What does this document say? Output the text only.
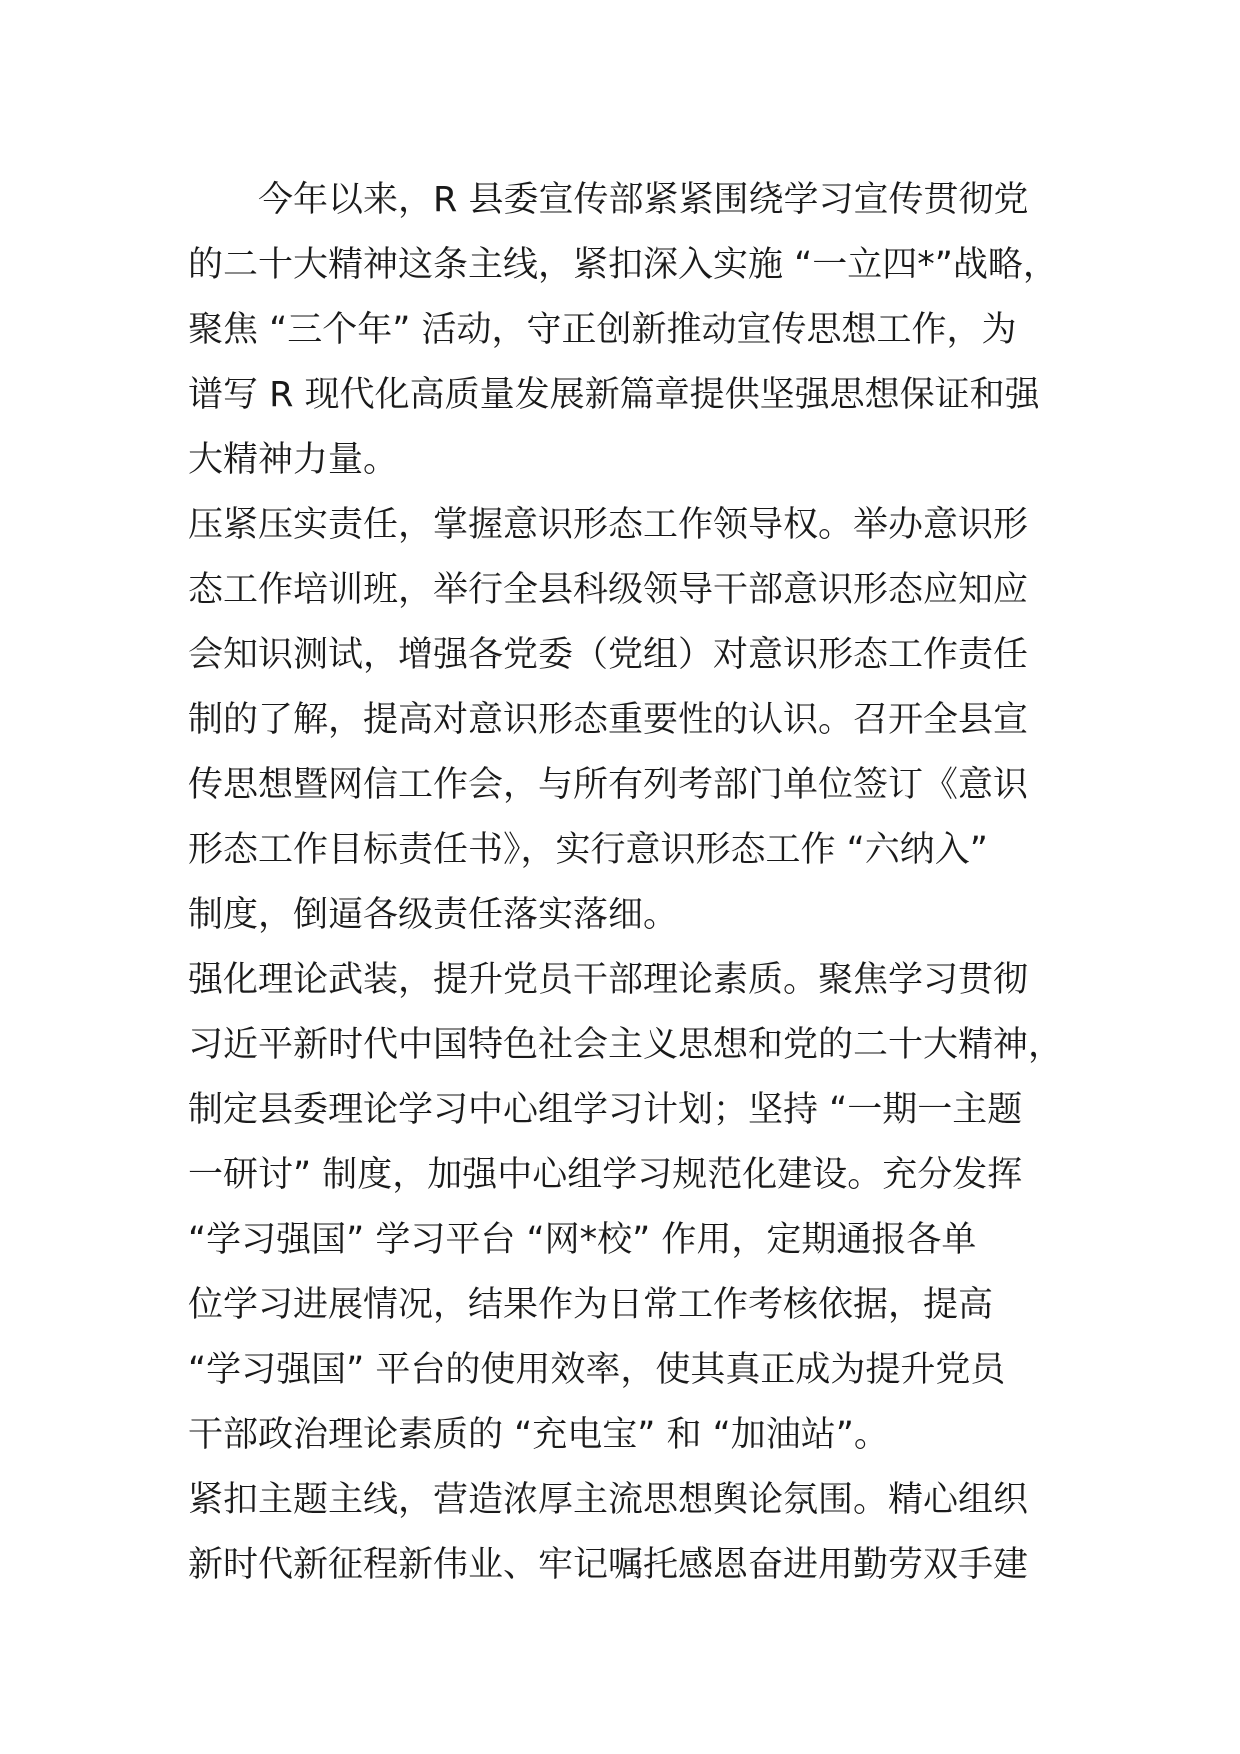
今年以来，R 县委宣传部紧紧围绕学习宣传贯彻党
的二十大精神这条主线，紧扣深入实施 “一立四*”战略，
聚焦 “三个年” 活动，守正创新推动宣传思想工作，为
谱写 R 现代化高质量发展新篇章提供坚强思想保证和强
大精神力量。
压紧压实责任，掌握意识形态工作领导权。举办意识形
态工作培训班，举行全县科级领导干部意识形态应知应
会知识测试，增强各党委（党组）对意识形态工作责任
制的了解，提高对意识形态重要性的认识。召开全县宣
传思想暨网信工作会，与所有列考部门单位签订《意识
形态工作目标责任书》，实行意识形态工作 “六纳入”
制度，倒逼各级责任落实落细。
强化理论武装，提升党员干部理论素质。聚焦学习贯彻
习近平新时代中国特色社会主义思想和党的二十大精神，
制定县委理论学习中心组学习计划；坚持 “一期一主题
一研讨” 制度，加强中心组学习规范化建设。充分发挥
“学习强国” 学习平台 “网*校” 作用，定期通报各单
位学习进展情况，结果作为日常工作考核依据，提高
“学习强国” 平台的使用效率，使其真正成为提升党员
干部政治理论素质的 “充电宝” 和 “加油站”。
紧扣主题主线，营造浓厚主流思想舆论氛围。精心组织
新时代新征程新伟业、牢记嘱托感恩奋进用勤劳双手建
